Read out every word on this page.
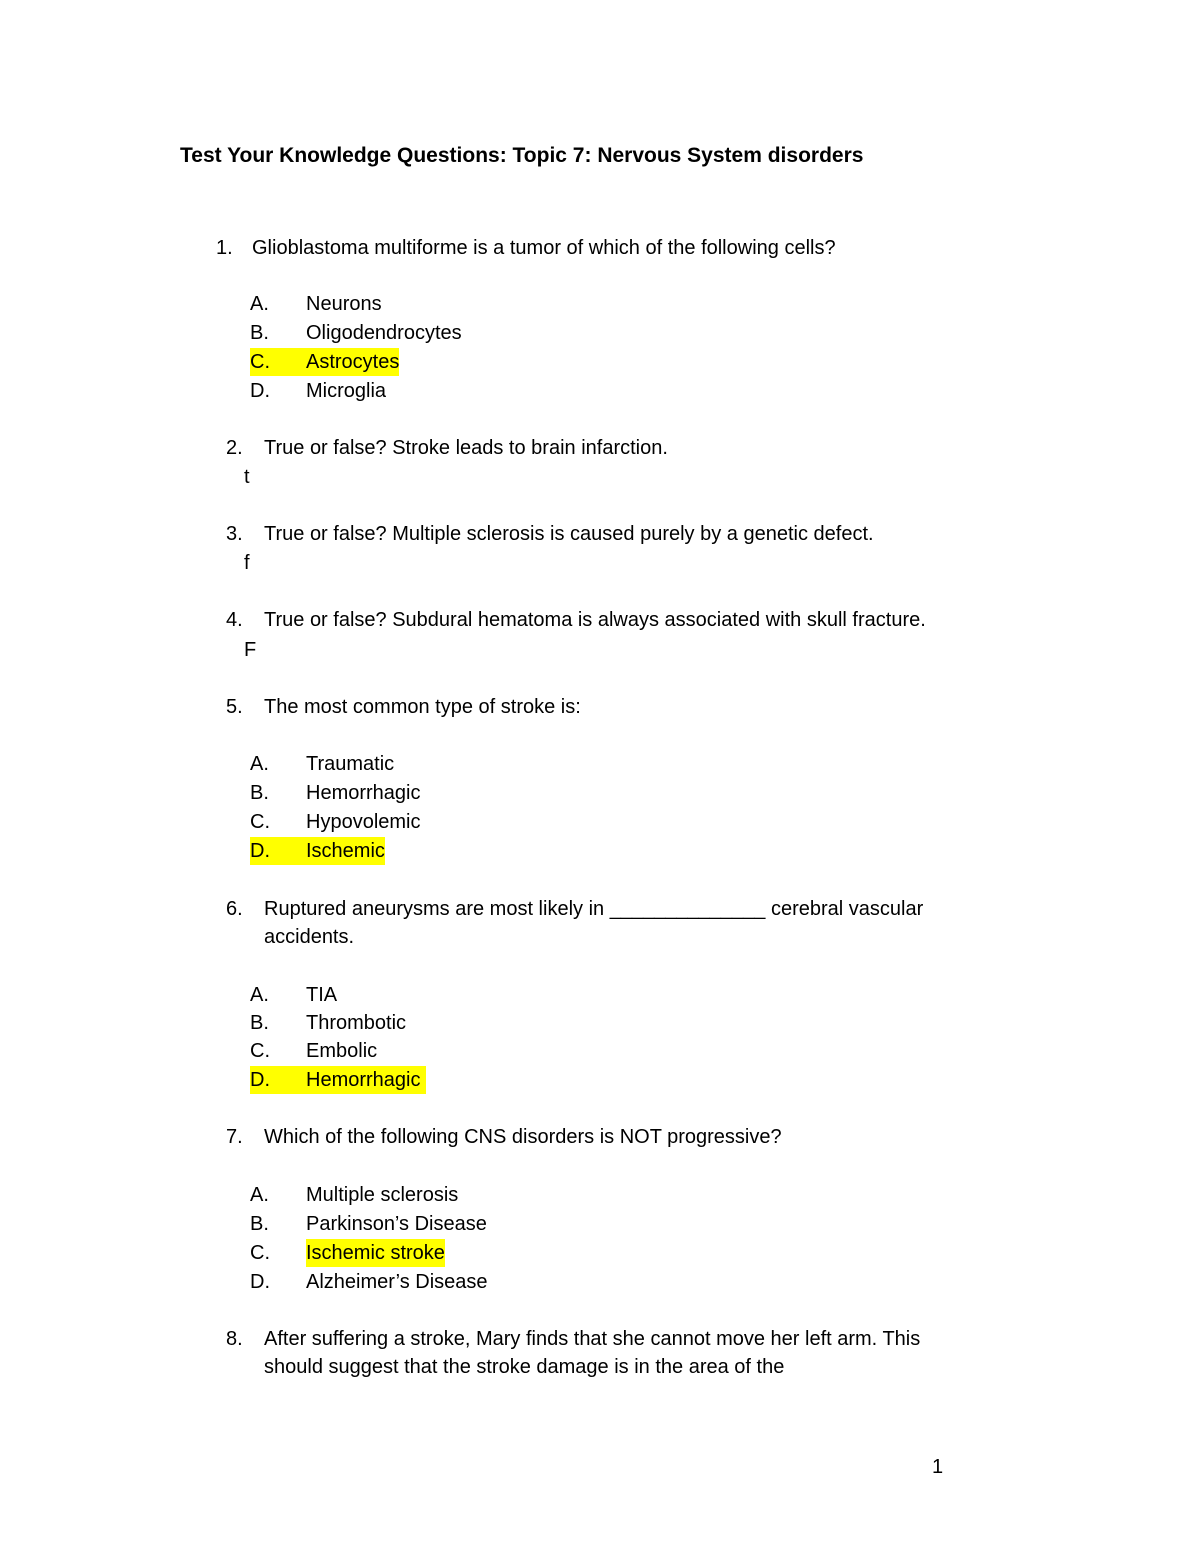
Test Your Knowledge Questions: Topic 7: Nervous System disorders
1. Glioblastoma multiforme is a tumor of which of the following cells?
A. Neurons
B. Oligodendrocytes
C.	Astrocytes
D. Microglia
2. True or false? Stroke leads to brain infarction.
t
3. True or false? Multiple sclerosis is caused purely by a genetic defect.
f
4. True or false? Subdural hematoma is always associated with skull fracture.
F
5. The most common type of stroke is:
A. Traumatic
B. Hemorrhagic
C. Hypovolemic
D.	Ischemic
6. Ruptured aneurysms are most likely in ______________ cerebral vascular
accidents.
A. TIA
B. Thrombotic
C. Embolic
D.	Hemorrhagic
7. Which of the following CNS disorders is NOT progressive?
A. Multiple sclerosis
B. Parkinson’s Disease
C. Ischemic stroke
D. Alzheimer’s Disease
8. After suffering a stroke, Mary finds that she cannot move her left arm. This
should suggest that the stroke damage is in the area of the
1
